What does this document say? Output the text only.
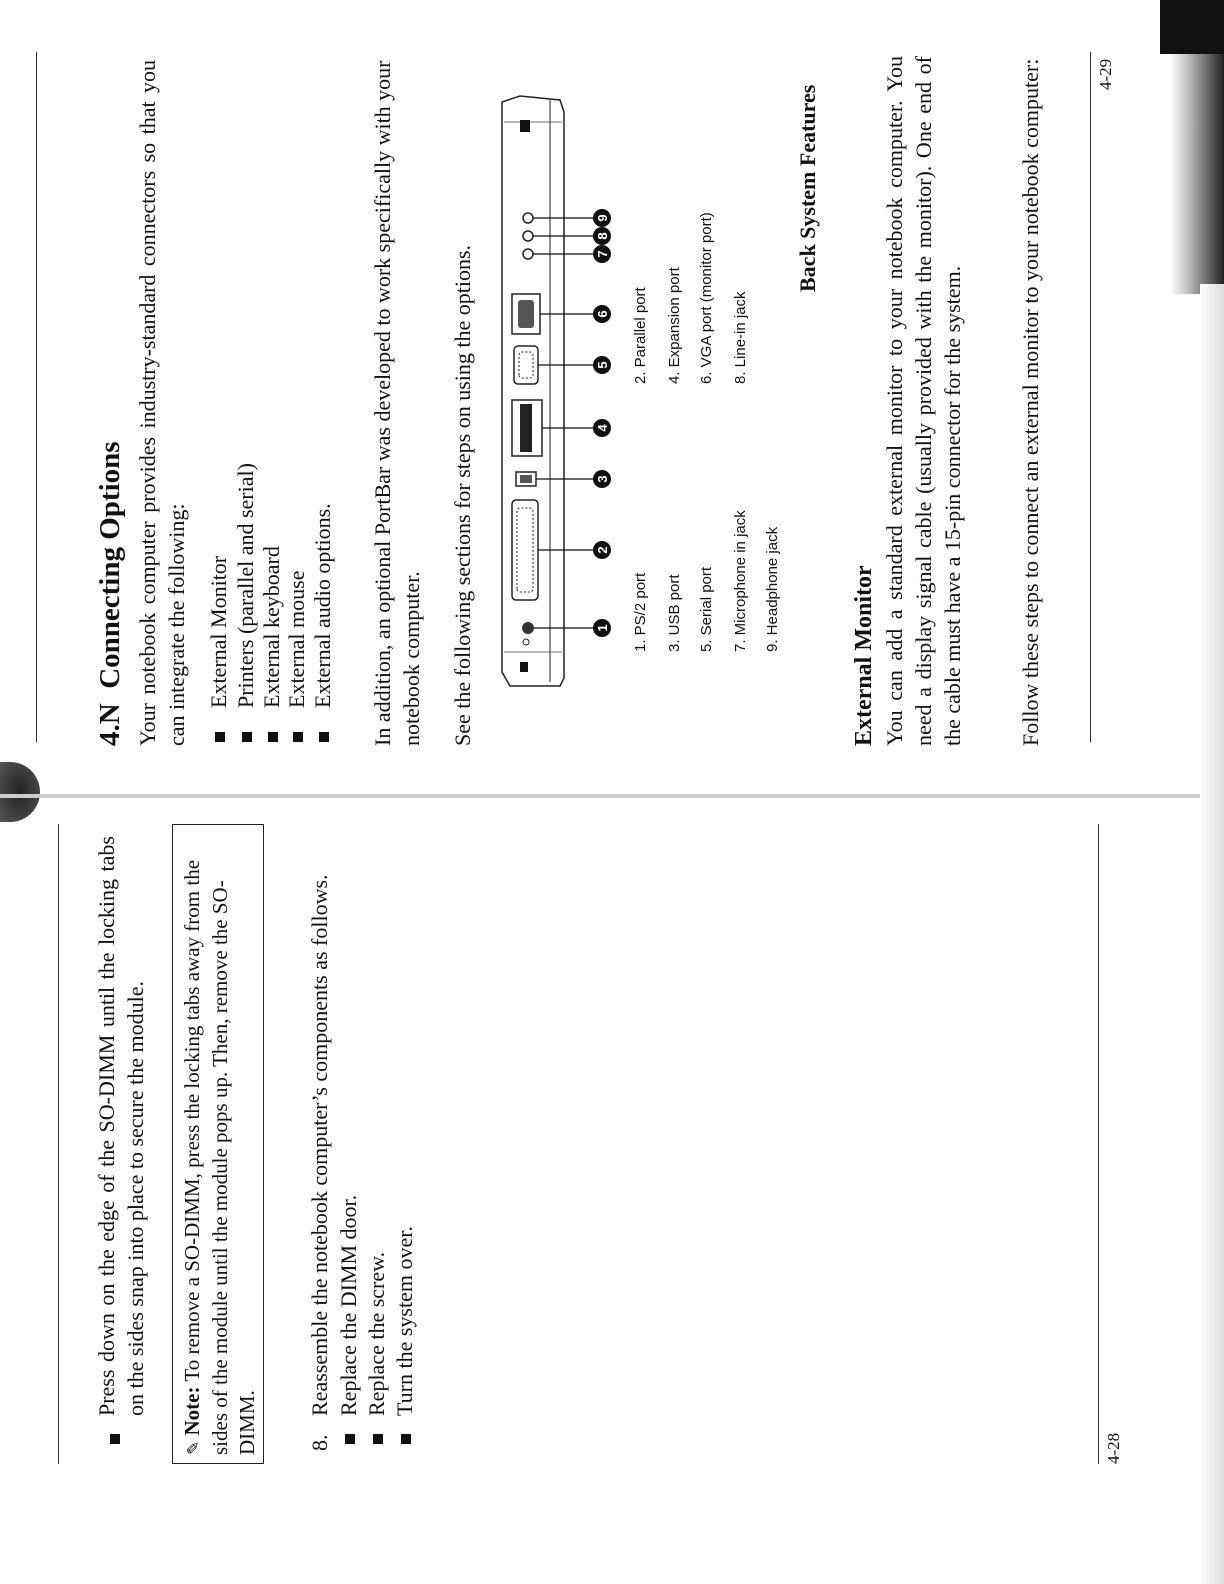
Press down on the edge of the SO-DIMM until the locking tabs on the sides snap into place to secure the module.

✎ Note: To remove a SO-DIMM, press the locking tabs away from the sides of the module until the module pops up. Then, remove the SO-DIMM. 8.
Reassemble the notebook computer’s components as follows. Replace the DIMM door. Replace the screw. Turn the system over.
4-28
4.N  Connecting Options Your notebook computer provides industry-standard connectors so that you can integrate the following: External Monitor Printers (parallel and serial) External keyboard External mouse External audio options. In addition, an optional PortBar was developed to work specifically with your notebook computer. See the following sections for steps on using the options.	1
2
3
4
5
6
7
8
9
1. PS/2 port
2. Parallel port
3. USB port
4. Expansion port
5. Serial port
6. VGA port (monitor port)
7. Microphone in jack
8. Line-in jack
9. Headphone jack
Back System Features
External Monitor You can add a standard external monitor to your notebook computer. You need a display signal cable (usually provided with the monitor). One end of the cable must have a 15-pin connector for the system. Follow these steps to connect an external monitor to your notebook computer:	4-29
